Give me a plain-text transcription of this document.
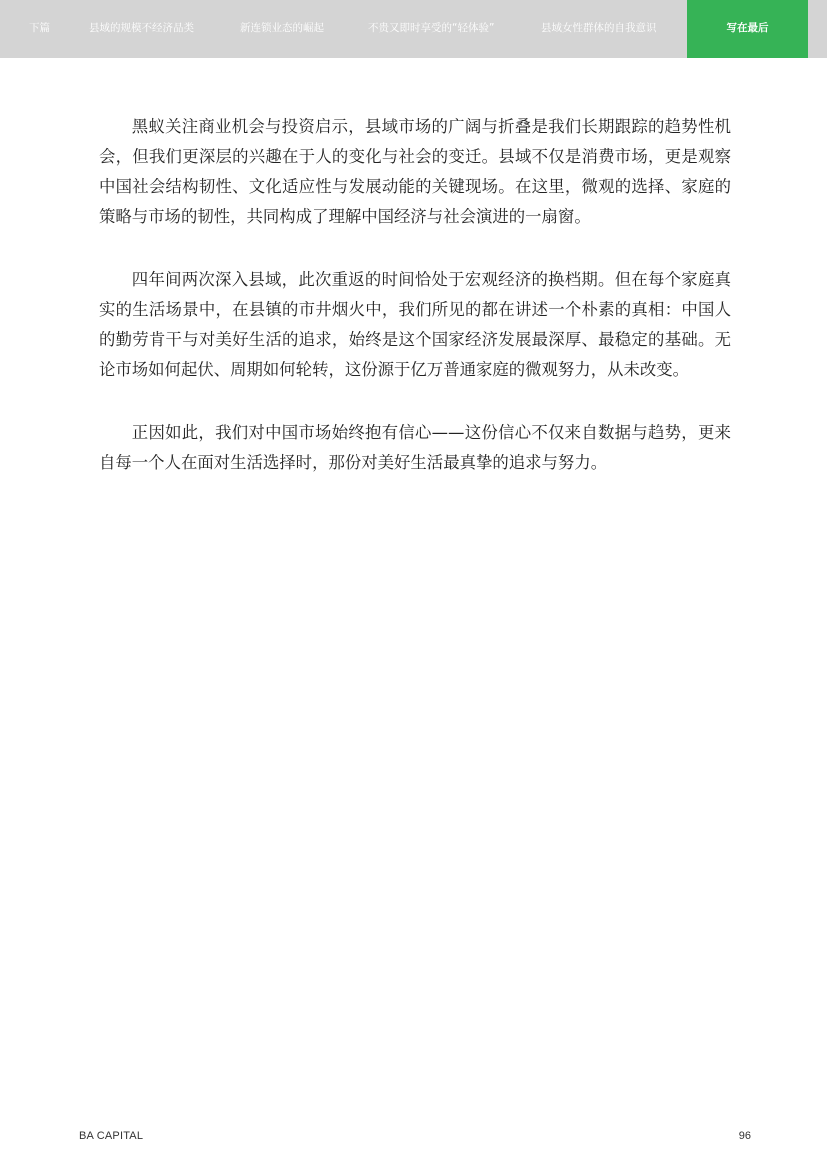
下篇	县域的规模不经济品类	新连锁业态的崛起	不贵又即时享受的“轻体验”	县域女性群体的自我意识	写在最后

黑蚁关注商业机会与投资启示，县域市场的广阔与折叠是我们长期跟踪的趋势性机会，但我们更深层的兴趣在于人的变化与社会的变迁。县域不仅是消费市场，更是观察中国社会结构韧性、文化适应性与发展动能的关键现场。在这里，微观的选择、家庭的策略与市场的韧性，共同构成了理解中国经济与社会演进的一扇窗。

四年间两次深入县域，此次重返的时间恰处于宏观经济的换档期。但在每个家庭真实的生活场景中，在县镇的市井烟火中，我们所见的都在讲述一个朴素的真相：中国人的勤劳肯干与对美好生活的追求，始终是这个国家经济发展最深厚、最稳定的基础。无论市场如何起伏、周期如何轮转，这份源于亿万普通家庭的微观努力，从未改变。

正因如此，我们对中国市场始终抱有信心——这份信心不仅来自数据与趋势，更来自每一个人在面对生活选择时，那份对美好生活最真挚的追求与努力。

BA CAPITAL	96
